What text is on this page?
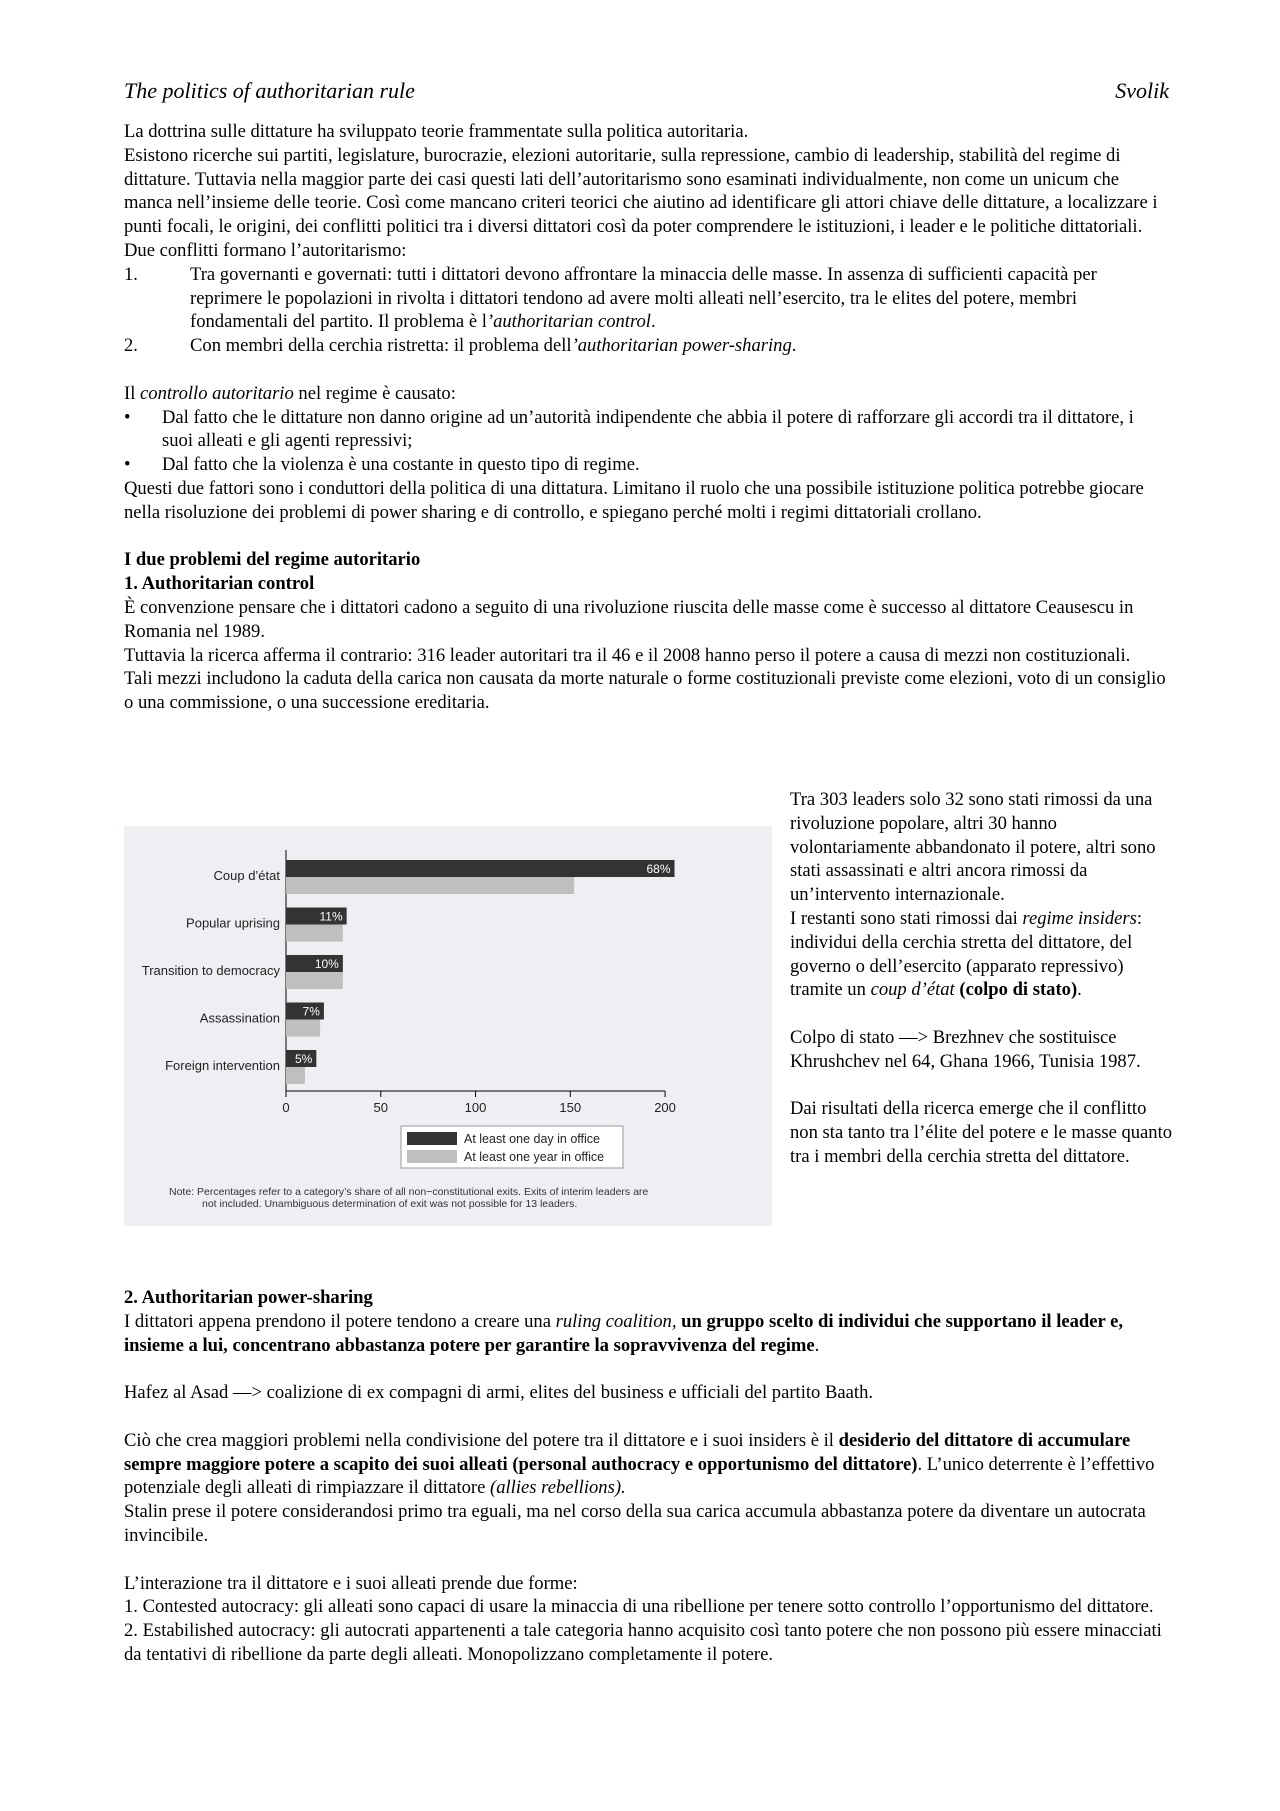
The politics of authoritarian rule	Svolik

La dottrina sulle dittature ha sviluppato teorie frammentate sulla politica autoritaria.

Esistono ricerche sui partiti, legislature, burocrazie, elezioni autoritarie, sulla repressione, cambio di leadership, stabilità del regime di dittature. Tuttavia nella maggior parte dei casi questi lati dell’autoritarismo sono esaminati individualmente, non come un unicum che manca nell’insieme delle teorie. Così come mancano criteri teorici che aiutino ad identificare gli attori chiave delle dittature, a localizzare i punti focali, le origini, dei conflitti politici tra i diversi dittatori così da poter comprendere le istituzioni, i leader e le politiche dittatoriali.

Due conflitti formano l’autoritarismo:

1.	Tra governanti e governati: tutti i dittatori devono affrontare la minaccia delle masse. In assenza di sufficienti capacità per reprimere le popolazioni in rivolta i dittatori tendono ad avere molti alleati nell’esercito, tra le elites del potere, membri fondamentali del partito. Il problema è l’authoritarian control.
2.	Con membri della cerchia ristretta: il problema dell’authoritarian power-sharing.

Il controllo autoritario nel regime è causato:

• Dal fatto che le dittature non danno origine ad un’autorità indipendente che abbia il potere di rafforzare gli accordi tra il dittatore, i suoi alleati e gli agenti repressivi;
• Dal fatto che la violenza è una costante in questo tipo di regime.

Questi due fattori sono i conduttori della politica di una dittatura. Limitano il ruolo che una possibile istituzione politica potrebbe giocare nella risoluzione dei problemi di power sharing e di controllo, e spiegano perché molti i regimi dittatoriali crollano.

I due problemi del regime autoritario

1. Authoritarian control

È convenzione pensare che i dittatori cadono a seguito di una rivoluzione riuscita delle masse come è successo al dittatore Ceausescu in Romania nel 1989.

Tuttavia la ricerca afferma il contrario: 316 leader autoritari tra il 46 e il 2008 hanno perso il potere a causa di mezzi non costituzionali.

Tali mezzi includono la caduta della carica non causata da morte naturale o forme costituzionali previste come elezioni, voto di un consiglio o una commissione, o una successione ereditaria.

Coup d’état	68%
Popular uprising	11%
Transition to democracy	10%
Assassination 7%
Foreign intervention 5%
0	50	100	150	200
At least one day in office
At least one year in office
Note: Percentages refer to a category’s share of all non−constitutional exits. Exits of interim leaders are
not included. Unambiguous determination of exit was not possible for 13 leaders.

Tra 303 leaders solo 32 sono stati rimossi da una rivoluzione popolare, altri 30 hanno volontariamente abbandonato il potere, altri sono stati assassinati e altri ancora rimossi da un’intervento internazionale.

I restanti sono stati rimossi dai regime insiders: individui della cerchia stretta del dittatore, del governo o dell’esercito (apparato repressivo) tramite un coup d’état (colpo di stato).

Colpo di stato —> Brezhnev che sostituisce Khrushchev nel 64, Ghana 1966, Tunisia 1987.

Dai risultati della ricerca emerge che il conflitto non sta tanto tra l’élite del potere e le masse quanto tra i membri della cerchia stretta del dittatore.

2. Authoritarian power-sharing

I dittatori appena prendono il potere tendono a creare una ruling coalition, un gruppo scelto di individui che supportano il leader e, insieme a lui, concentrano abbastanza potere per garantire la sopravvivenza del regime.

Hafez al Asad —> coalizione di ex compagni di armi, elites del business e ufficiali del partito Baath.

Ciò che crea maggiori problemi nella condivisione del potere tra il dittatore e i suoi insiders è il desiderio del dittatore di accumulare sempre maggiore potere a scapito dei suoi alleati (personal authocracy e opportunismo del dittatore). L’unico deterrente è l’effettivo potenziale degli alleati di rimpiazzare il dittatore (allies rebellions).

Stalin prese il potere considerandosi primo tra eguali, ma nel corso della sua carica accumula abbastanza potere da diventare un autocrata invincibile.

L’interazione tra il dittatore e i suoi alleati prende due forme:

1. Contested autocracy: gli alleati sono capaci di usare la minaccia di una ribellione per tenere sotto controllo l’opportunismo del dittatore.

2. Estabilished autocracy: gli autocrati appartenenti a tale categoria hanno acquisito così tanto potere che non possono più essere minacciati da tentativi di ribellione da parte degli alleati. Monopolizzano completamente il potere.
